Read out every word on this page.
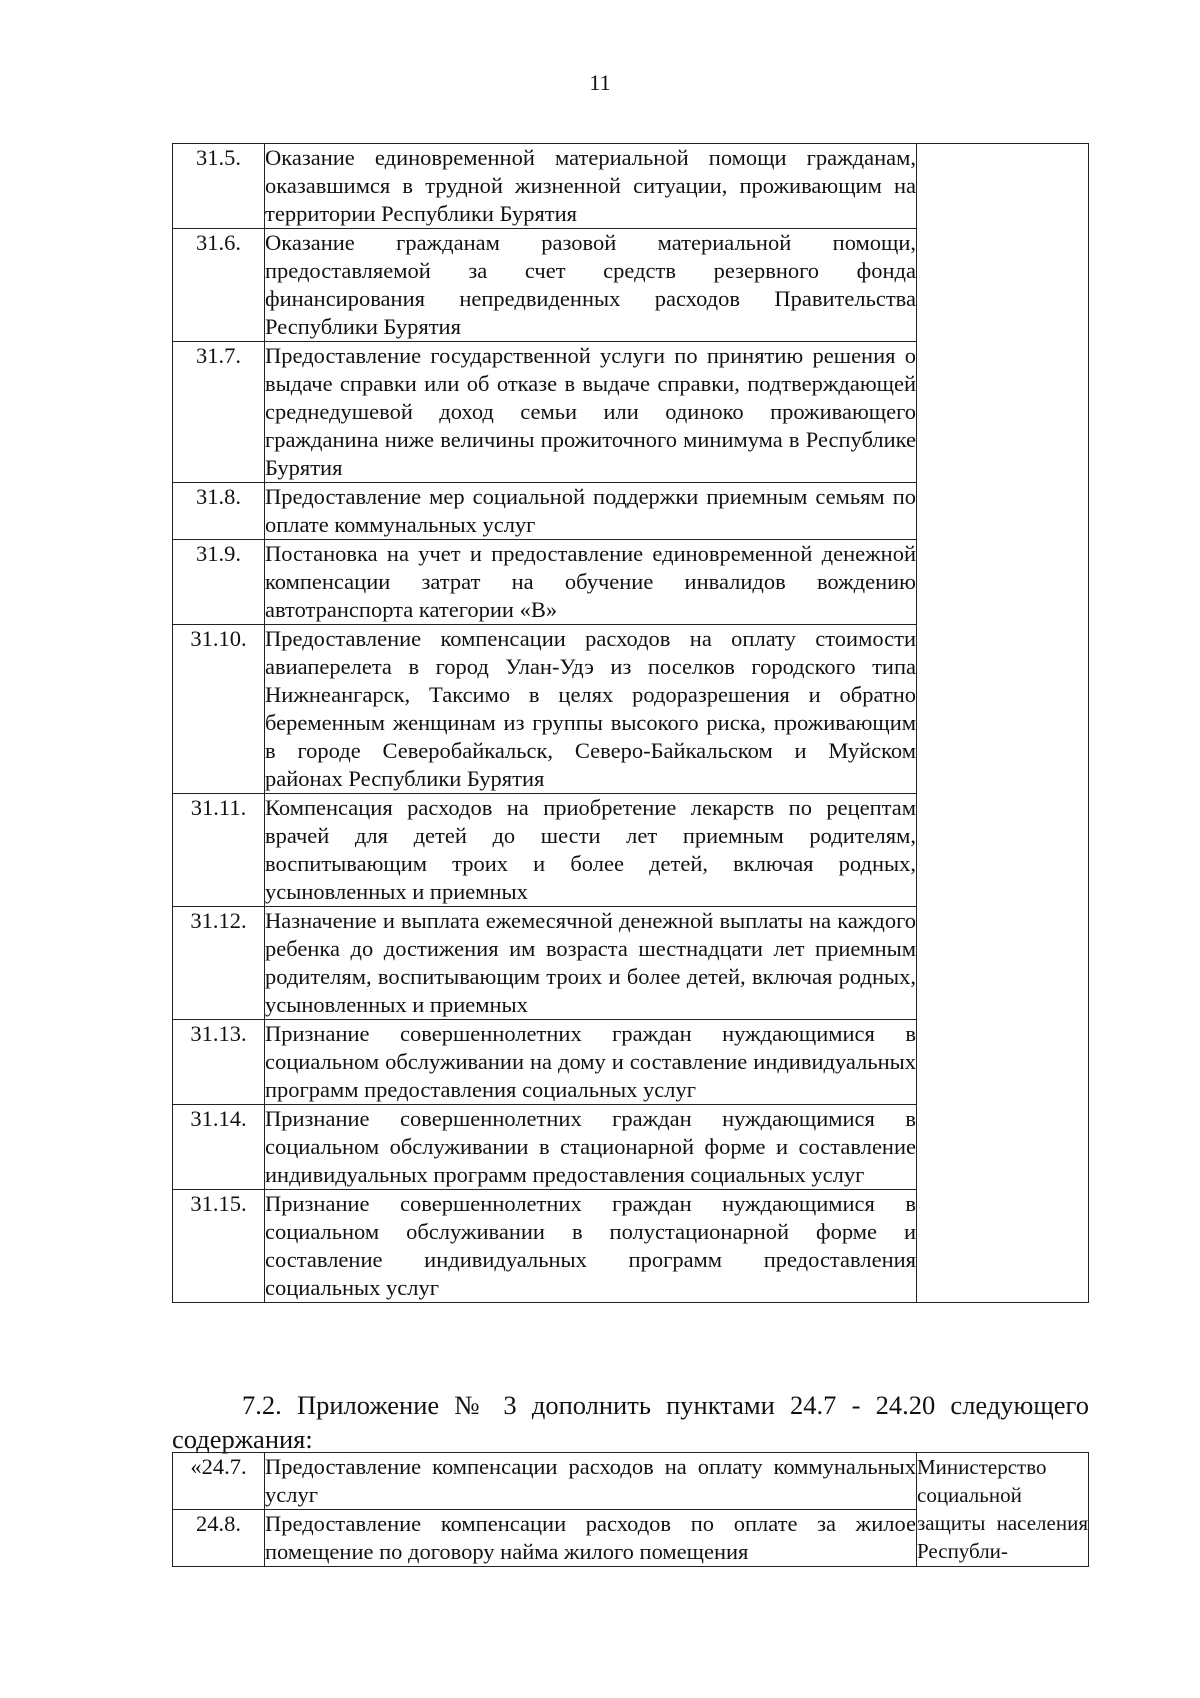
11
31.5.	Оказание единовременной материальной помощи гражданам, оказавшимся в трудной жизненной ситуации, проживающим на территории Республики Бурятия	
31.6.	Оказание гражданам разовой материальной помощи, предоставляемой за счет средств резервного фонда финансирования непредвиденных расходов Правительства Республики Бурятия	
31.7.	Предоставление государственной услуги по принятию решения о выдаче справки или об отказе в выдаче справки, подтверждающей среднедушевой доход семьи или одиноко проживающего гражданина ниже величины прожиточного минимума в Республике Бурятия	
31.8.	Предоставление мер социальной поддержки приемным семьям по оплате коммунальных услуг	
31.9.	Постановка на учет и предоставление единовременной денежной компенсации затрат на обучение инвалидов вождению автотранспорта категории «В»	
31.10.	Предоставление компенсации расходов на оплату стоимости авиаперелета в город Улан-Удэ из поселков городского типа Нижнеангарск, Таксимо в целях родоразрешения и обратно беременным женщинам из группы высокого риска, проживающим в городе Северобайкальск, Северо-Байкальском и Муйском районах Республики Бурятия	
31.11.	Компенсация расходов на приобретение лекарств по рецептам врачей для детей до шести лет приемным родителям, воспитывающим троих и более детей, включая родных, усыновленных и приемных	
31.12.	Назначение и выплата ежемесячной денежной выплаты на каждого ребенка до достижения им возраста шестнадцати лет приемным родителям, воспитывающим троих и более детей, включая родных, усыновленных и приемных	
31.13.	Признание совершеннолетних граждан нуждающимися в социальном обслуживании на дому и составление индивидуальных программ предоставления социальных услуг	
31.14.	Признание совершеннолетних граждан нуждающимися в социальном обслуживании в стационарной форме и составление индивидуальных программ предоставления социальных услуг	
31.15.	Признание совершеннолетних граждан нуждающимися в социальном обслуживании в полустационарной форме и составление индивидуальных программ предоставления социальных услуг	

7.2. Приложение № 3 дополнить пунктами 24.7 - 24.20 следующего содержания:

«24.7.	Предоставление компенсации расходов на оплату коммунальных услуг	Министерство социальной защиты населения Республи-
24.8.	Предоставление компенсации расходов по оплате за жилое помещение по договору найма жилого помещения	
